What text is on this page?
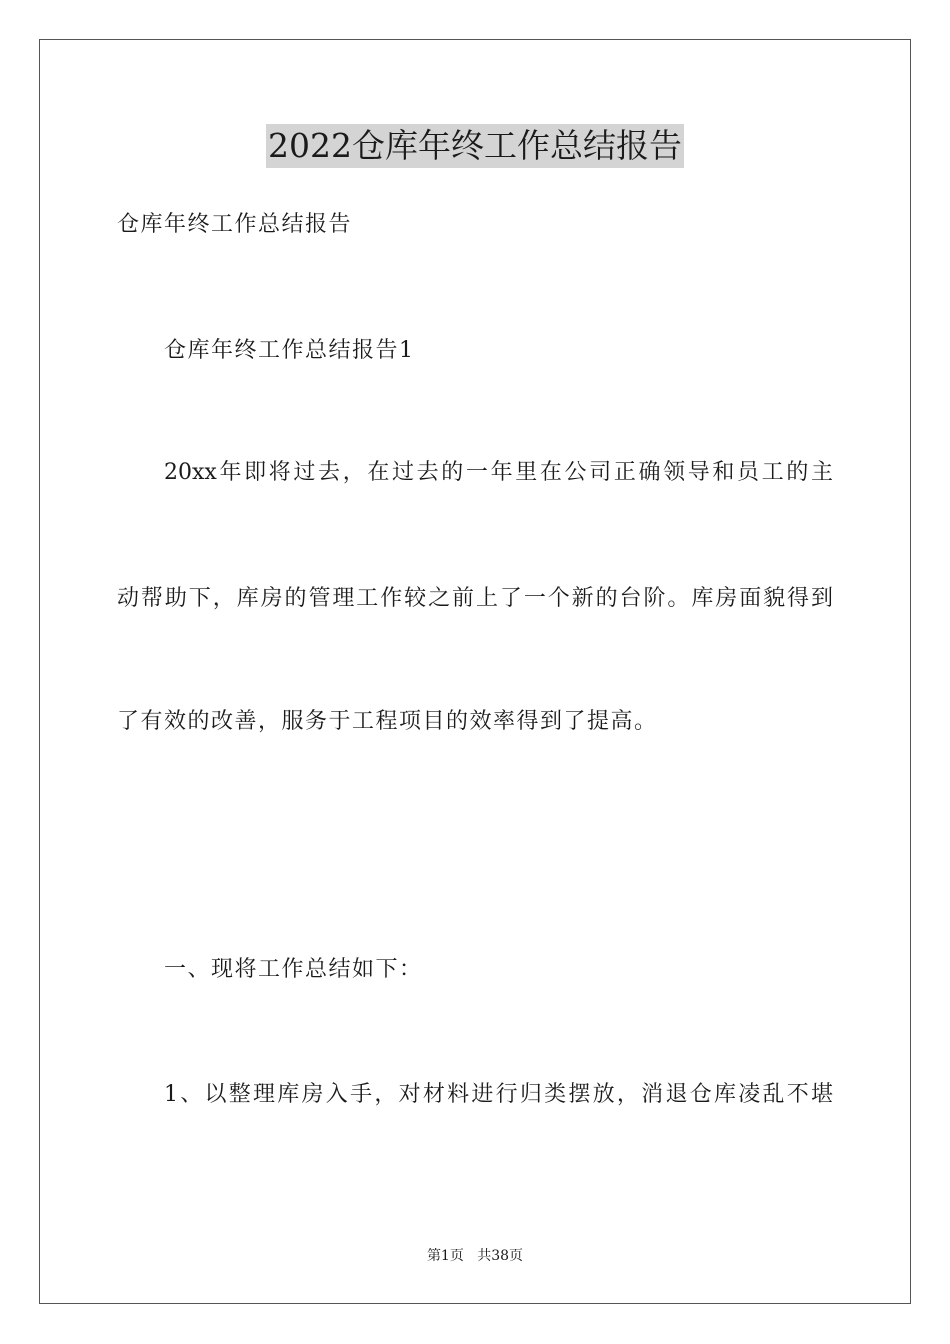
2022仓库年终工作总结报告
仓库年终工作总结报告
仓库年终工作总结报告1
20xx年即将过去，在过去的一年里在公司正确领导和员工的主
动帮助下，库房的管理工作较之前上了一个新的台阶。库房面貌得到
了有效的改善，服务于工程项目的效率得到了提高。
一、现将工作总结如下：
1、以整理库房入手，对材料进行归类摆放，消退仓库凌乱不堪
第1页 共38页
